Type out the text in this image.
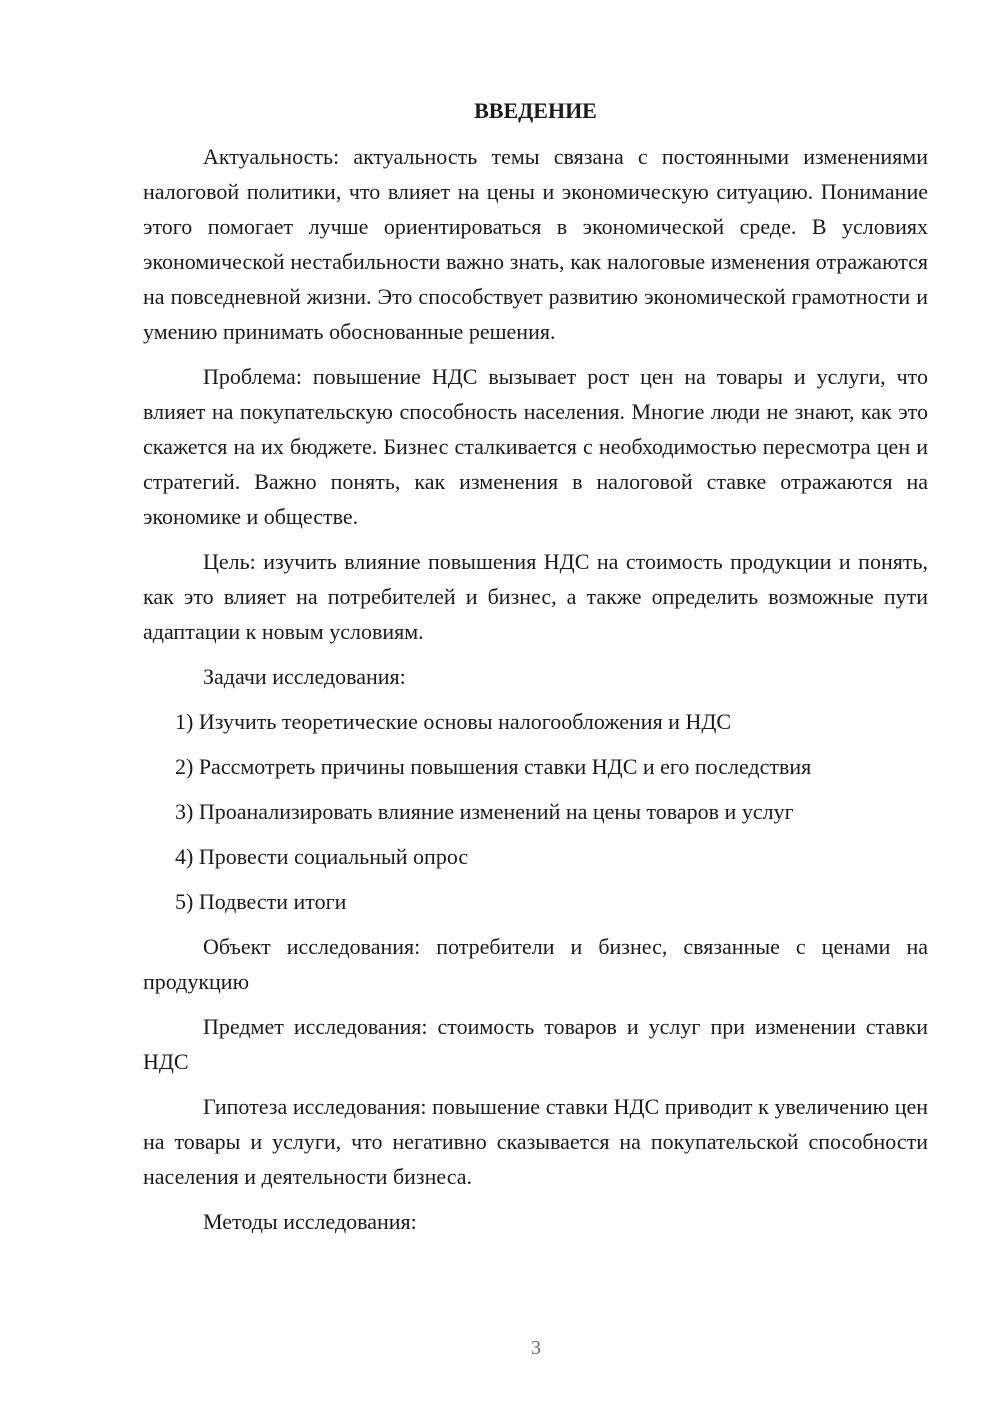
ВВЕДЕНИЕ

Актуальность: актуальность темы связана с постоянными изменениями налоговой политики, что влияет на цены и экономическую ситуацию. Понимание этого помогает лучше ориентироваться в экономической среде. В условиях экономической нестабильности важно знать, как налоговые изменения отражаются на повседневной жизни. Это способствует развитию экономической грамотности и умению принимать обоснованные решения.

Проблема: повышение НДС вызывает рост цен на товары и услуги, что влияет на покупательскую способность населения. Многие люди не знают, как это скажется на их бюджете. Бизнес сталкивается с необходимостью пересмотра цен и стратегий. Важно понять, как изменения в налоговой ставке отражаются на экономике и обществе.

Цель: изучить влияние повышения НДС на стоимость продукции и понять, как это влияет на потребителей и бизнес, а также определить возможные пути адаптации к новым условиям.

Задачи исследования:

1) Изучить теоретические основы налогообложения и НДС
2) Рассмотреть причины повышения ставки НДС и его последствия
3) Проанализировать влияние изменений на цены товаров и услуг
4) Провести социальный опрос
5) Подвести итоги

Объект исследования: потребители и бизнес, связанные с ценами на продукцию

Предмет исследования: стоимость товаров и услуг при изменении ставки НДС

Гипотеза исследования: повышение ставки НДС приводит к увеличению цен на товары и услуги, что негативно сказывается на покупательской способности населения и деятельности бизнеса.

Методы исследования:

3
